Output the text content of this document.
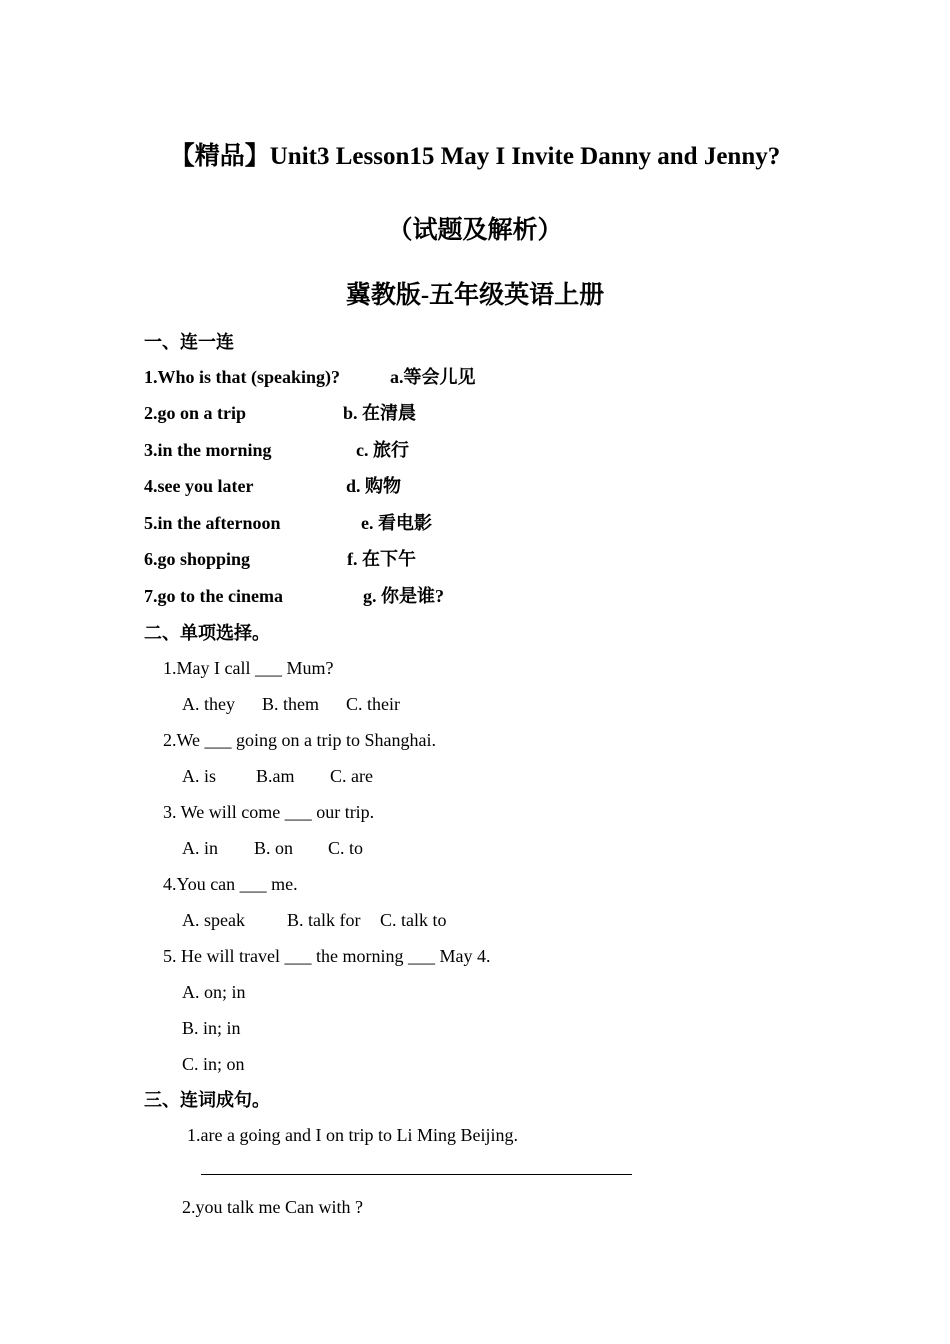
【精品】Unit3 Lesson15 May I Invite Danny and Jenny?
（试题及解析）
冀教版-五年级英语上册
一、连一连
1.Who is that (speaking)?	a.等会儿见
2.go on a trip	b. 在清晨
3.in the morning	c. 旅行
4.see you later	d. 购物
5.in the afternoon	e. 看电影
6.go shopping	f. 在下午
7.go to the cinema	g. 你是谁?
二、单项选择。
1.May I call ___ Mum?
A. they B. them C. their
2.We ___ going on a trip to Shanghai.
A. is B.am C. are
3. We will come ___ our trip.
A. in B. on C. to
4.You can ___ me.
A. speak B. talk for C. talk to
5. He will travel ___ the morning ___ May 4.
A. on; in
B. in; in
C. in; on
三、连词成句。
1.are a going and I on trip to Li Ming Beijing.
2.you talk me Can with ?
